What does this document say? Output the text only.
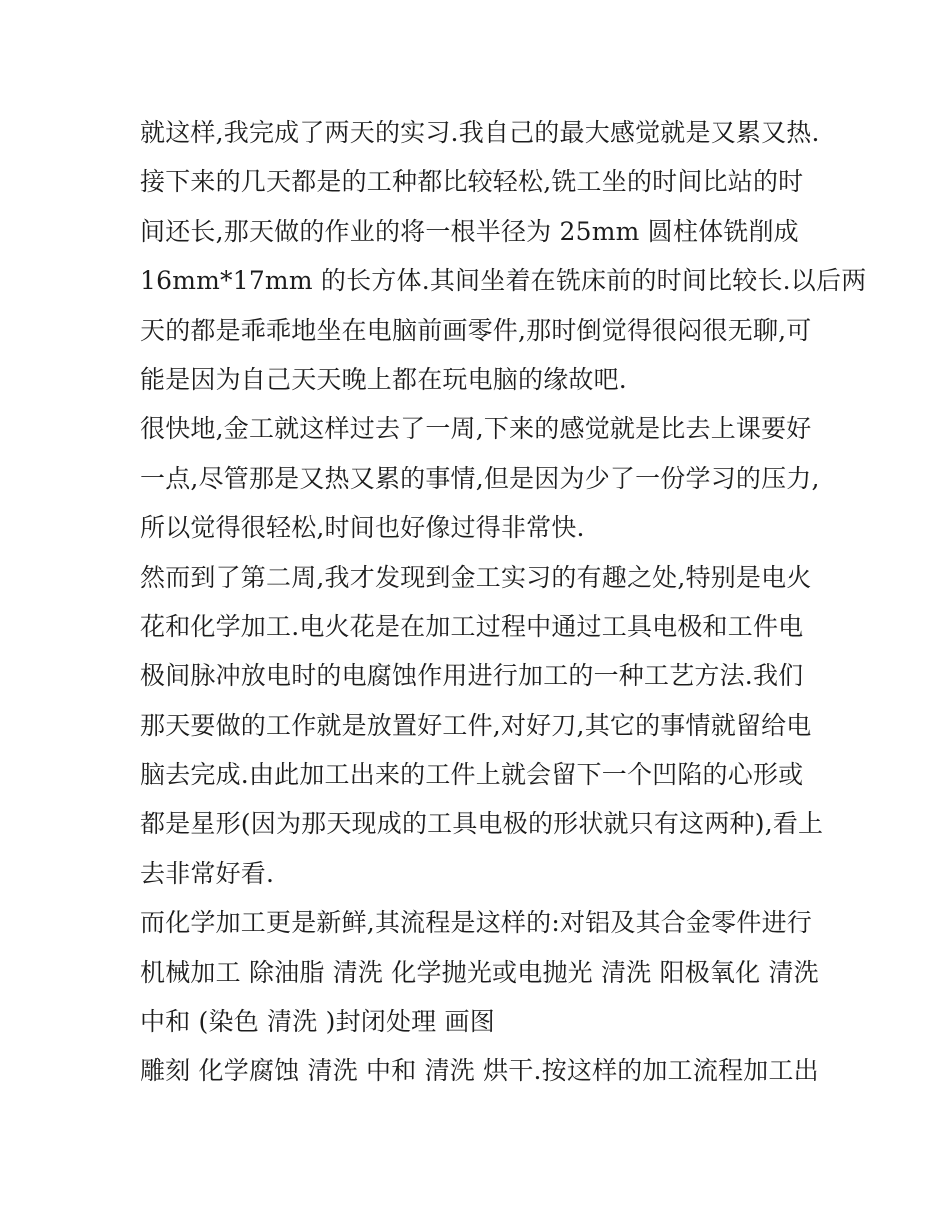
就这样,我完成了两天的实习.我自己的最大感觉就是又累又热.
接下来的几天都是的工种都比较轻松,铣工坐的时间比站的时
间还长,那天做的作业的将一根半径为 25mm 圆柱体铣削成
16mm*17mm 的长方体.其间坐着在铣床前的时间比较长.以后两
天的都是乖乖地坐在电脑前画零件,那时倒觉得很闷很无聊,可
能是因为自己天天晚上都在玩电脑的缘故吧.
很快地,金工就这样过去了一周,下来的感觉就是比去上课要好
一点,尽管那是又热又累的事情,但是因为少了一份学习的压力,
所以觉得很轻松,时间也好像过得非常快.
然而到了第二周,我才发现到金工实习的有趣之处,特别是电火
花和化学加工.电火花是在加工过程中通过工具电极和工件电
极间脉冲放电时的电腐蚀作用进行加工的一种工艺方法.我们
那天要做的工作就是放置好工件,对好刀,其它的事情就留给电
脑去完成.由此加工出来的工件上就会留下一个凹陷的心形或
都是星形(因为那天现成的工具电极的形状就只有这两种),看上
去非常好看.
而化学加工更是新鲜,其流程是这样的:对铝及其合金零件进行
机械加工 除油脂 清洗 化学抛光或电抛光 清洗 阳极氧化 清洗
中和 (染色 清洗 )封闭处理 画图
雕刻 化学腐蚀 清洗 中和 清洗 烘干.按这样的加工流程加工出
